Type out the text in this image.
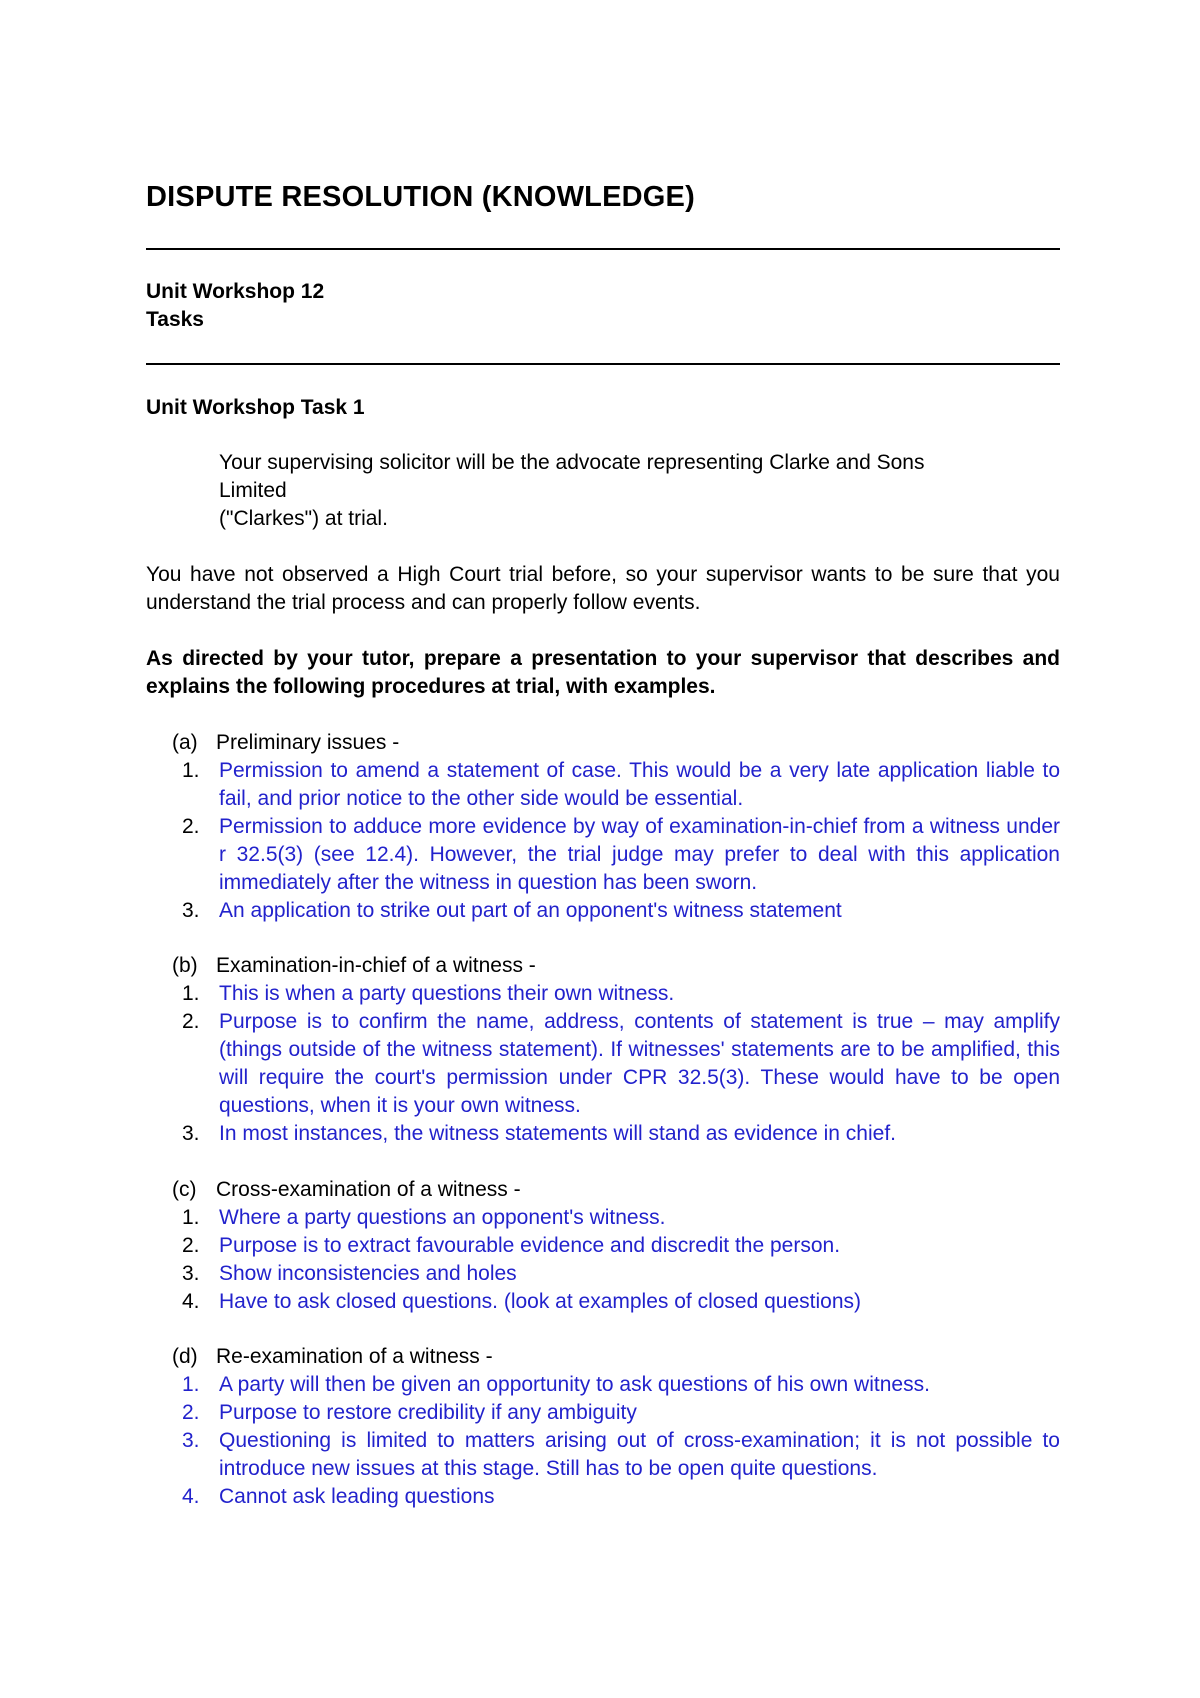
DISPUTE RESOLUTION (KNOWLEDGE)
Unit Workshop 12
Tasks
Unit Workshop Task 1
Your supervising solicitor will be the advocate representing Clarke and Sons
Limited
("Clarkes") at trial.
You have not observed a High Court trial before, so your supervisor wants to be sure that you understand the trial process and can properly follow events.
As directed by your tutor, prepare a presentation to your supervisor that describes and explains the following procedures at trial, with examples.
(a) Preliminary issues -
1. Permission to amend a statement of case. This would be a very late application liable to fail, and prior notice to the other side would be essential.
2. Permission to adduce more evidence by way of examination-in-chief from a witness under r 32.5(3) (see 12.4). However, the trial judge may prefer to deal with this application immediately after the witness in question has been sworn.
3. An application to strike out part of an opponent's witness statement
(b) Examination-in-chief of a witness -
1. This is when a party questions their own witness.
2. Purpose is to confirm the name, address, contents of statement is true – may amplify (things outside of the witness statement). If witnesses' statements are to be amplified, this will require the court's permission under CPR 32.5(3). These would have to be open questions, when it is your own witness.
3. In most instances, the witness statements will stand as evidence in chief.
(c) Cross-examination of a witness -
1. Where a party questions an opponent's witness.
2. Purpose is to extract favourable evidence and discredit the person.
3. Show inconsistencies and holes
4. Have to ask closed questions. (look at examples of closed questions)
(d) Re-examination of a witness -
1. A party will then be given an opportunity to ask questions of his own witness.
2. Purpose to restore credibility if any ambiguity
3. Questioning is limited to matters arising out of cross-examination; it is not possible to introduce new issues at this stage. Still has to be open quite questions.
4. Cannot ask leading questions
